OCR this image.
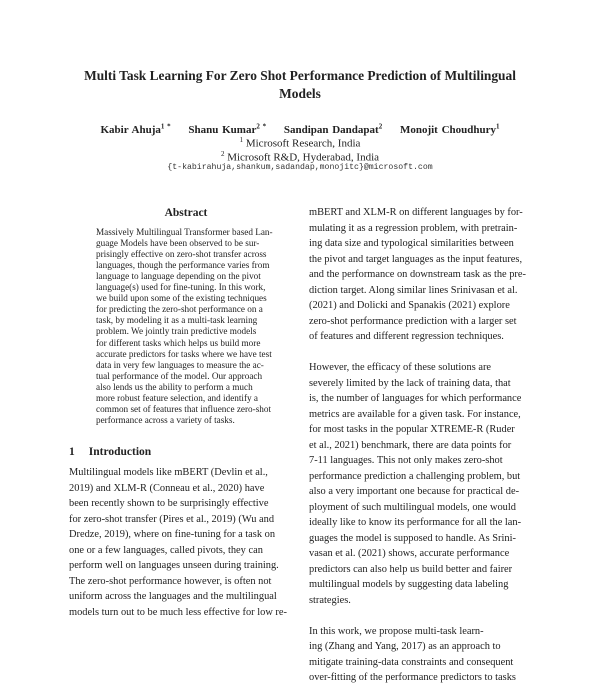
Multi Task Learning For Zero Shot Performance Prediction of Multilingual
Models
Kabir Ahuja$^{1 *}$ Shanu Kumar$^{2 *}$ Sandipan Dandapat$^2$ Monojit Choudhury$^1$
$^1$ Microsoft Research, India
$^2$ Microsoft R&D, Hyderabad, India
{t-kabirahuja,shankum,sadandap,monojitc}@microsoft.com
Abstract
Massively Multilingual Transformer based Lan-
guage Models have been observed to be sur-
prisingly effective on zero-shot transfer across
languages, though the performance varies from
language to language depending on the pivot
language(s) used for fine-tuning. In this work,
we build upon some of the existing techniques
for predicting the zero-shot performance on a
task, by modeling it as a multi-task learning
problem. We jointly train predictive models
for different tasks which helps us build more
accurate predictors for tasks where we have test
data in very few languages to measure the ac-
tual performance of the model. Our approach
also lends us the ability to perform a much
more robust feature selection, and identify a
common set of features that influence zero-shot
performance across a variety of tasks.
1 Introduction
Multilingual models like mBERT (Devlin et al.,
2019) and XLM-R (Conneau et al., 2020) have
been recently shown to be surprisingly effective
for zero-shot transfer (Pires et al., 2019) (Wu and
Dredze, 2019), where on fine-tuning for a task on
one or a few languages, called pivots, they can
perform well on languages unseen during training.
The zero-shot performance however, is often not
uniform across the languages and the multilingual
models turn out to be much less effective for low re-
mBERT and XLM-R on different languages by for-
mulating it as a regression problem, with pretrain-
ing data size and typological similarities between
the pivot and target languages as the input features,
and the performance on downstream task as the pre-
diction target. Along similar lines Srinivasan et al.
(2021) and Dolicki and Spanakis (2021) explore
zero-shot performance prediction with a larger set
of features and different regression techniques.
However, the efficacy of these solutions are
severely limited by the lack of training data, that
is, the number of languages for which performance
metrics are available for a given task. For instance,
for most tasks in the popular XTREME-R (Ruder
et al., 2021) benchmark, there are data points for
7-11 languages. This not only makes zero-shot
performance prediction a challenging problem, but
also a very important one because for practical de-
ployment of such multilingual models, one would
ideally like to know its performance for all the lan-
guages the model is supposed to handle. As Srini-
vasan et al. (2021) shows, accurate performance
predictors can also help us build better and fairer
multilingual models by suggesting data labeling
strategies.
In this work, we propose multi-task learn-
ing (Zhang and Yang, 2017) as an approach to
mitigate training-data constraints and consequent
over-fitting of the performance predictors to tasks
